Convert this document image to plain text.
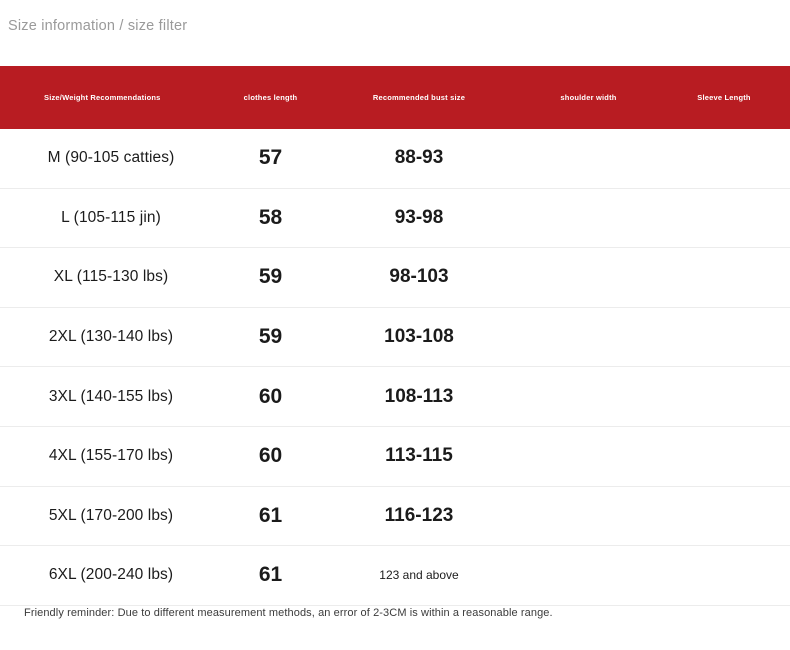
Size information / size filter
Size/Weight Recommendations	clothes length	Recommended bust size	shoulder width	Sleeve Length
M (90-105 catties)	57	88-93		
L (105-115 jin)	58	93-98		
XL (115-130 lbs)	59	98-103		
2XL (130-140 lbs)	59	103-108		
3XL (140-155 lbs)	60	108-113		
4XL (155-170 lbs)	60	113-115		
5XL (170-200 lbs)	61	116-123		
6XL (200-240 lbs)	61	123 and above		
Friendly reminder: Due to different measurement methods, an error of 2-3CM is within a reasonable range.
